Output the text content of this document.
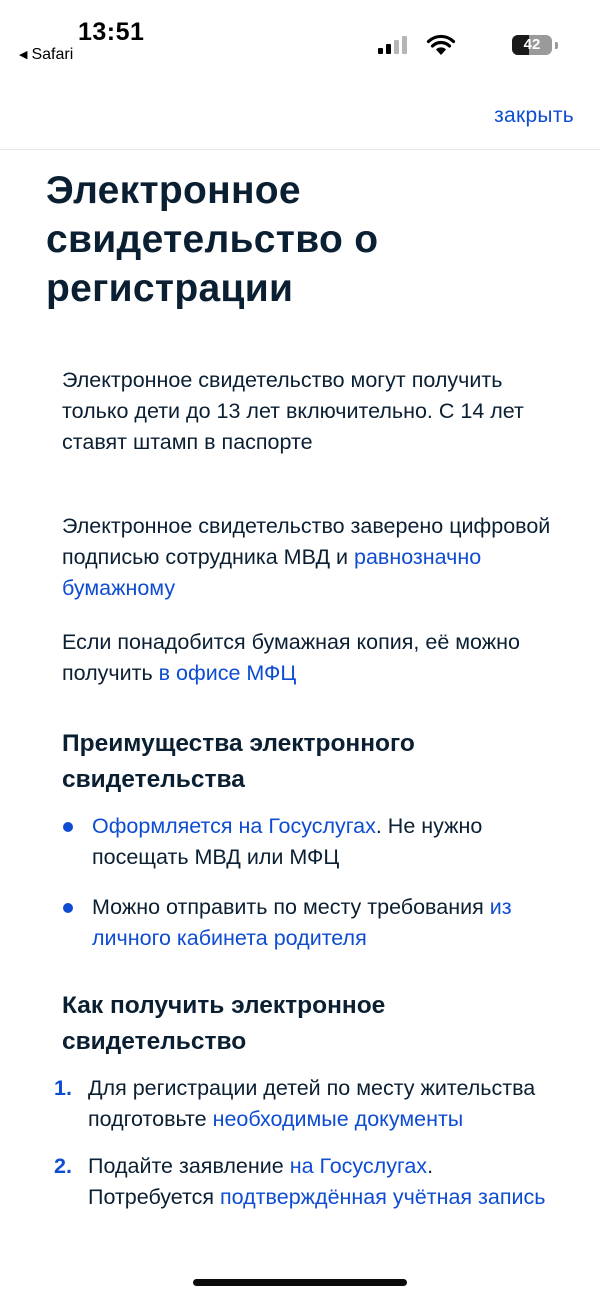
13:51
◀ Safari
42
закрыть
Электронное свидетельство о регистрации

Электронное свидетельство могут получить только дети до 13 лет включительно. С 14 лет ставят штамп в паспорте

Электронное свидетельство заверено цифровой подписью сотрудника МВД и равнозначно бумажному

Если понадобится бумажная копия, её можно получить в офисе МФЦ

Преимущества электронного свидетельства
Оформляется на Госуслугах. Не нужно посещать МВД или МФЦ
Можно отправить по месту требования из личного кабинета родителя
Как получить электронное свидетельство
1. Для регистрации детей по месту жительства подготовьте необходимые документы
2. Подайте заявление на Госуслугах. Потребуется подтверждённая учётная запись
